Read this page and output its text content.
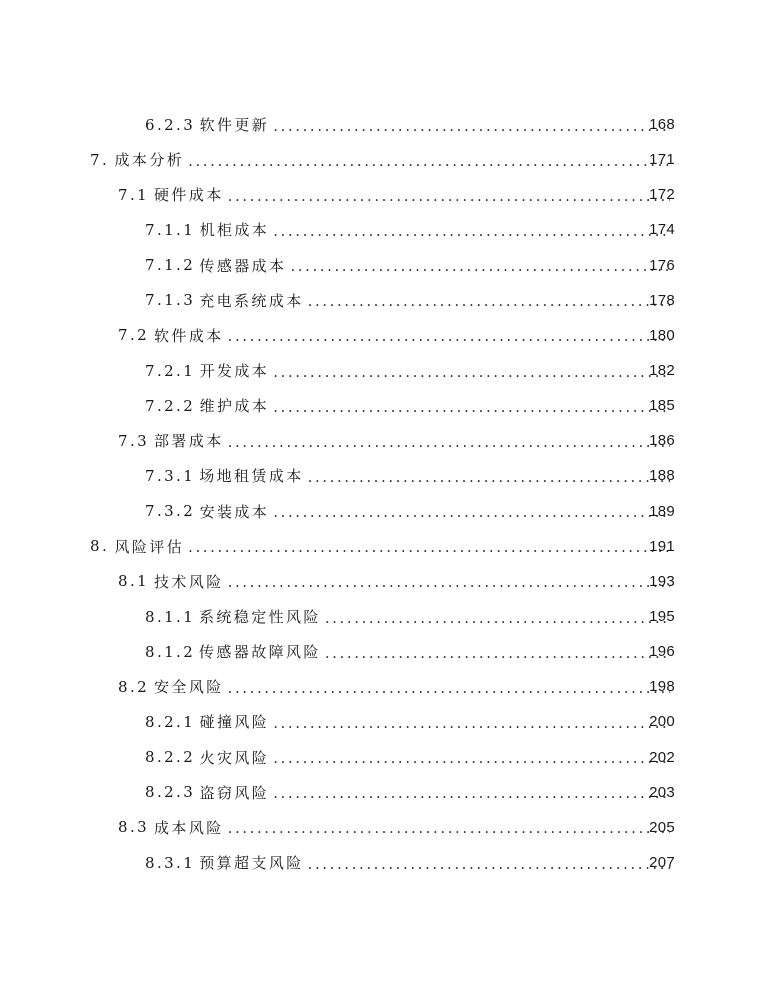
6.2.3 软件更新 . . .	168
7. 成本分析 . . .	171
7.1 硬件成本 . . .	172
7.1.1 机柜成本 . . .	174
7.1.2 传感器成本 . . .	176
7.1.3 充电系统成本 . . .	178
7.2 软件成本 . . .	180
7.2.1 开发成本 . . .	182
7.2.2 维护成本 . . .	185
7.3 部署成本 . . .	186
7.3.1 场地租赁成本 . . .	188
7.3.2 安装成本 . . .	189
8. 风险评估 . . .	191
8.1 技术风险 . . .	193
8.1.1 系统稳定性风险 . . .	195
8.1.2 传感器故障风险 . . .	196
8.2 安全风险 . . .	198
8.2.1 碰撞风险 . . .	200
8.2.2 火灾风险 . . .	202
8.2.3 盗窃风险 . . .	203
8.3 成本风险 . . .	205
8.3.1 预算超支风险 . . .	207
